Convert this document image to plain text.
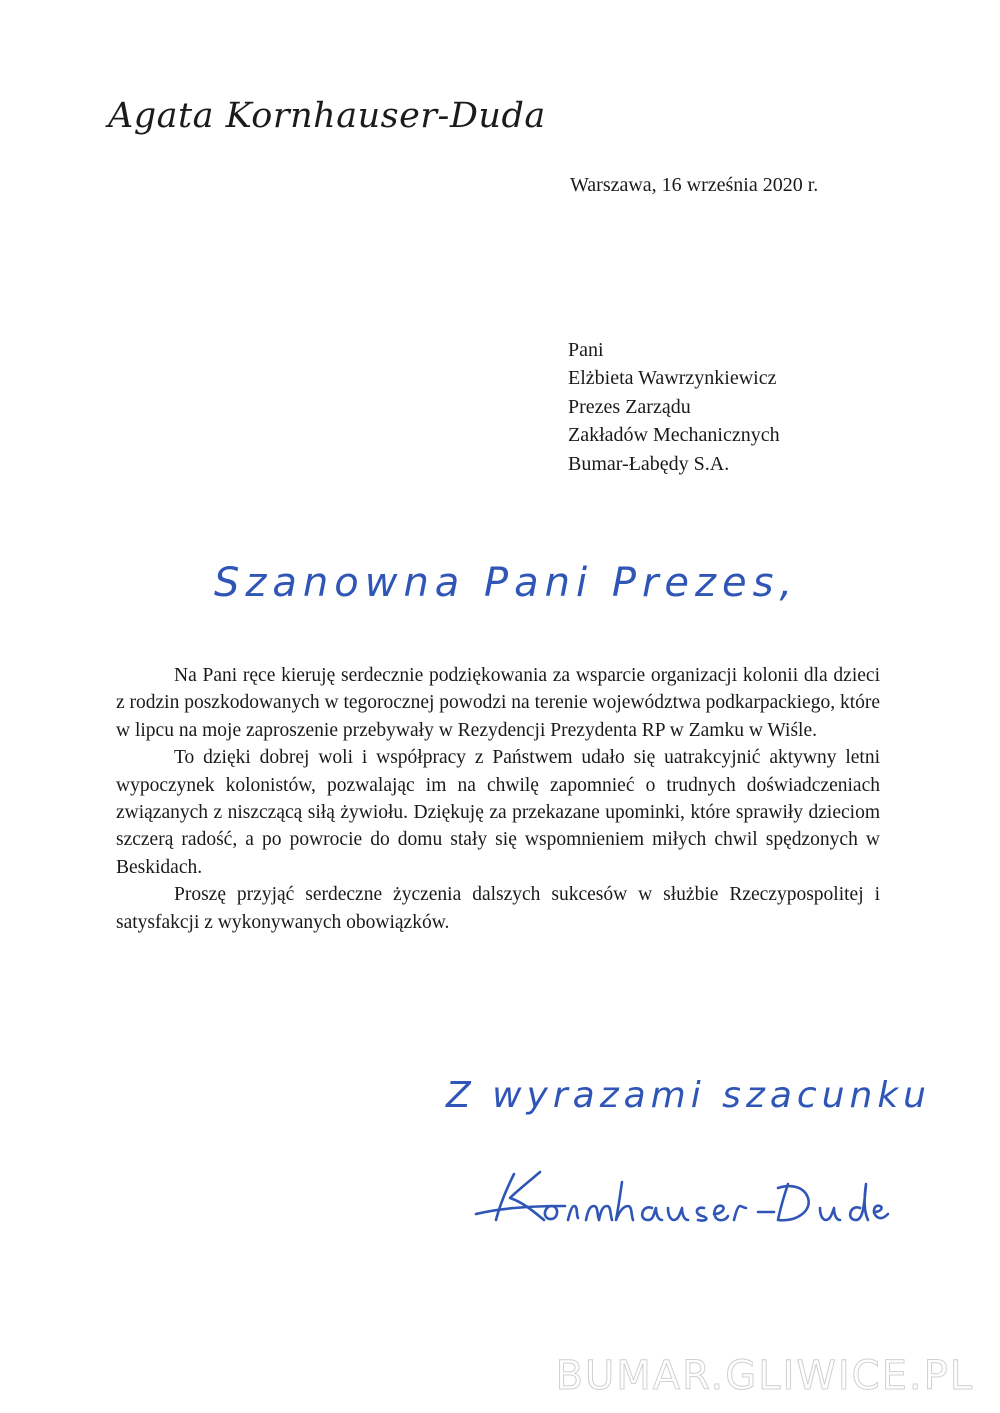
Agata Kornhauser-Duda
Warszawa, 16 września 2020 r.
Pani
Elżbieta Wawrzynkiewicz
Prezes Zarządu
Zakładów Mechanicznych
Bumar-Łabędy S.A.
Szanowna Pani Prezes,

Na Pani ręce kieruję serdecznie podziękowania za wsparcie organizacji kolonii dla dzieci z rodzin poszkodowanych w tegorocznej powodzi na terenie województwa podkarpackiego, które w lipcu na moje zaproszenie przebywały w Rezydencji Prezydenta RP w Zamku w Wiśle.

To dzięki dobrej woli i współpracy z Państwem udało się uatrakcyjnić aktywny letni wypoczynek kolonistów, pozwalając im na chwilę zapomnieć o trudnych doświadczeniach związanych z niszczącą siłą żywiołu. Dziękuję za przekazane upominki, które sprawiły dzieciom szczerą radość, a po powrocie do domu stały się wspomnieniem miłych chwil spędzonych w Beskidach.

Proszę przyjąć serdeczne życzenia dalszych sukcesów w służbie Rzeczypospolitej i satysfakcji z wykonywanych obowiązków.

Z wyrazami szacunku
BUMAR.GLIWICE.PL
